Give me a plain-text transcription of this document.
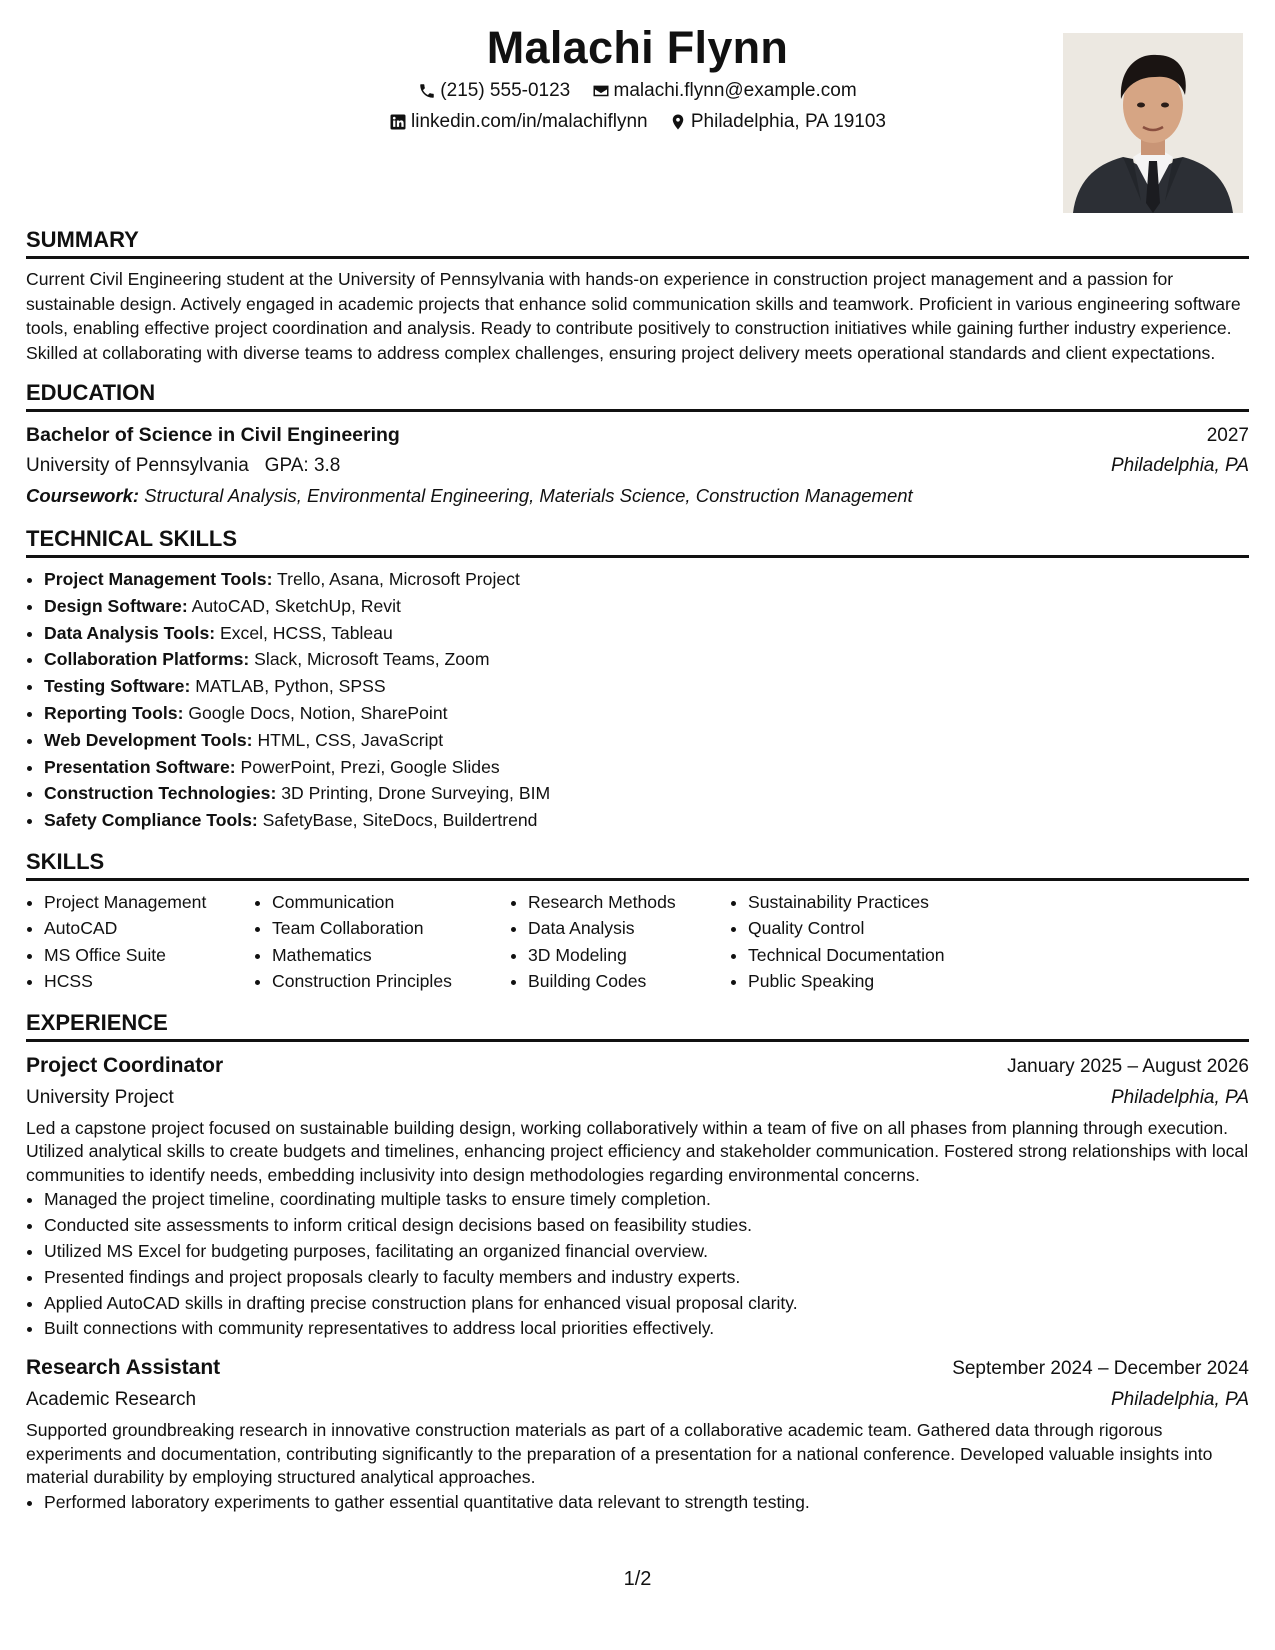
Malachi Flynn
(215) 555-0123
malachi.flynn@example.com
linkedin.com/in/malachiflynn
Philadelphia, PA 19103
SUMMARY

Current Civil Engineering student at the University of Pennsylvania with hands-on experience in construction project management and a passion for sustainable design. Actively engaged in academic projects that enhance solid communication skills and teamwork. Proficient in various engineering software tools, enabling effective project coordination and analysis. Ready to contribute positively to construction initiatives while gaining further industry experience. Skilled at collaborating with diverse teams to address complex challenges, ensuring project delivery meets operational standards and client expectations.

EDUCATION
Bachelor of Science in Civil Engineering	2027
University of Pennsylvania GPA: 3.8	Philadelphia, PA
Coursework: Structural Analysis, Environmental Engineering, Materials Science, Construction Management
TECHNICAL SKILLS
• Project Management Tools: Trello, Asana, Microsoft Project
• Design Software: AutoCAD, SketchUp, Revit
• Data Analysis Tools: Excel, HCSS, Tableau
• Collaboration Platforms: Slack, Microsoft Teams, Zoom
• Testing Software: MATLAB, Python, SPSS
• Reporting Tools: Google Docs, Notion, SharePoint
• Web Development Tools: HTML, CSS, JavaScript
• Presentation Software: PowerPoint, Prezi, Google Slides
• Construction Technologies: 3D Printing, Drone Surveying, BIM
• Safety Compliance Tools: SafetyBase, SiteDocs, Buildertrend
SKILLS
• Project Management
• AutoCAD
• MS Office Suite
• HCSS
• Communication
• Team Collaboration
• Mathematics
• Construction Principles
• Research Methods
• Data Analysis
• 3D Modeling
• Building Codes
• Sustainability Practices
• Quality Control
• Technical Documentation
• Public Speaking
EXPERIENCE
Project Coordinator	January 2025 – August 2026
University Project	Philadelphia, PA

Led a capstone project focused on sustainable building design, working collaboratively within a team of five on all phases from planning through execution. Utilized analytical skills to create budgets and timelines, enhancing project efficiency and stakeholder communication. Fostered strong relationships with local communities to identify needs, embedding inclusivity into design methodologies regarding environmental concerns.

• Managed the project timeline, coordinating multiple tasks to ensure timely completion.
• Conducted site assessments to inform critical design decisions based on feasibility studies.
• Utilized MS Excel for budgeting purposes, facilitating an organized financial overview.
• Presented findings and project proposals clearly to faculty members and industry experts.
• Applied AutoCAD skills in drafting precise construction plans for enhanced visual proposal clarity.
• Built connections with community representatives to address local priorities effectively.
Research Assistant	September 2024 – December 2024
Academic Research	Philadelphia, PA

Supported groundbreaking research in innovative construction materials as part of a collaborative academic team. Gathered data through rigorous experiments and documentation, contributing significantly to the preparation of a presentation for a national conference. Developed valuable insights into material durability by employing structured analytical approaches.

• Performed laboratory experiments to gather essential quantitative data relevant to strength testing.
1/2
